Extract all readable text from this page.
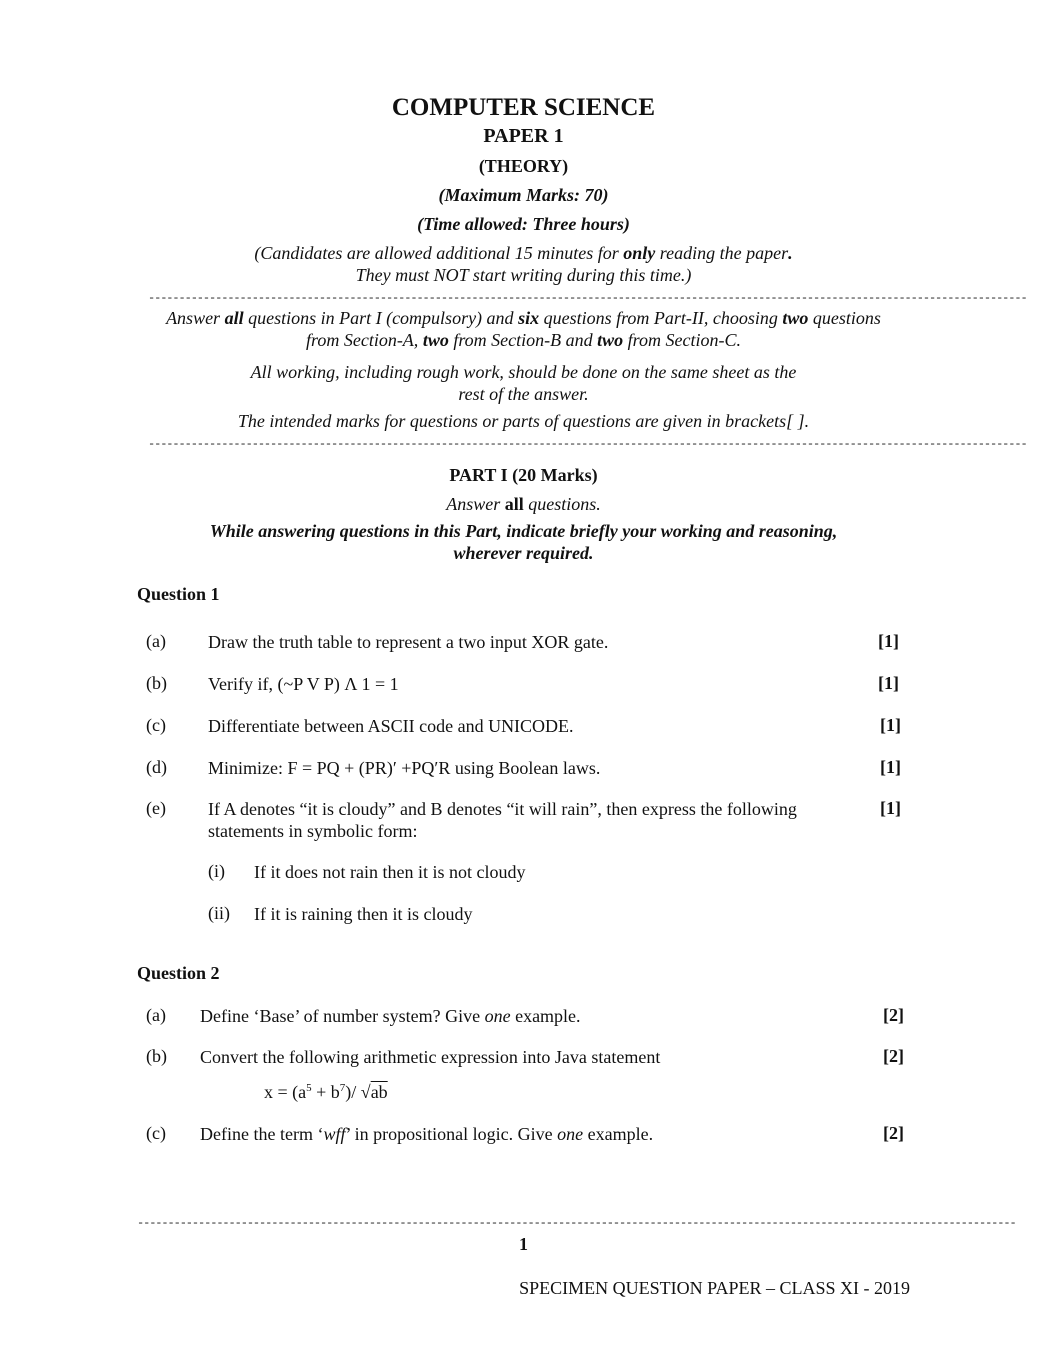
COMPUTER SCIENCE
PAPER 1
(THEORY)
(Maximum Marks: 70)
(Time allowed: Three hours)
(Candidates are allowed additional 15 minutes for only reading the paper.
They must NOT start writing during this time.)
------------------------------------------------------------------------------------------------------------------------------------------------
Answer all questions in Part I (compulsory) and six questions from Part-II, choosing two questions
from Section-A, two from Section-B and two from Section-C.
All working, including rough work, should be done on the same sheet as the
rest of the answer.
The intended marks for questions or parts of questions are given in brackets[ ].
------------------------------------------------------------------------------------------------------------------------------------------------
PART I (20 Marks)
Answer all questions.
While answering questions in this Part, indicate briefly your working and reasoning,
wherever required.
Question 1
(a) Draw the truth table to represent a two input XOR gate.	[1]
(b) Verify if, (~P V P) Λ 1 = 1	[1]
(c) Differentiate between ASCII code and UNICODE.	[1]
(d) Minimize: F = PQ + (PR)′ +PQ′R using Boolean laws.	[1]
(e) If A denotes “it is cloudy” and B denotes “it will rain”, then express the following
statements in symbolic form:
[1]
(i) If it does not rain then it is not cloudy
(ii) If it is raining then it is cloudy
Question 2
(a) Define ‘Base’ of number system? Give one example.	[2]
(b) Convert the following arithmetic expression into Java statement	[2]
$x = (a^5 + b^7)/$ √ab
(c) Define the term ‘wff’ in propositional logic. Give one example.	[2]
------------------------------------------------------------------------------------------------------------------------------------------------
1
SPECIMEN QUESTION PAPER – CLASS XI - 2019
